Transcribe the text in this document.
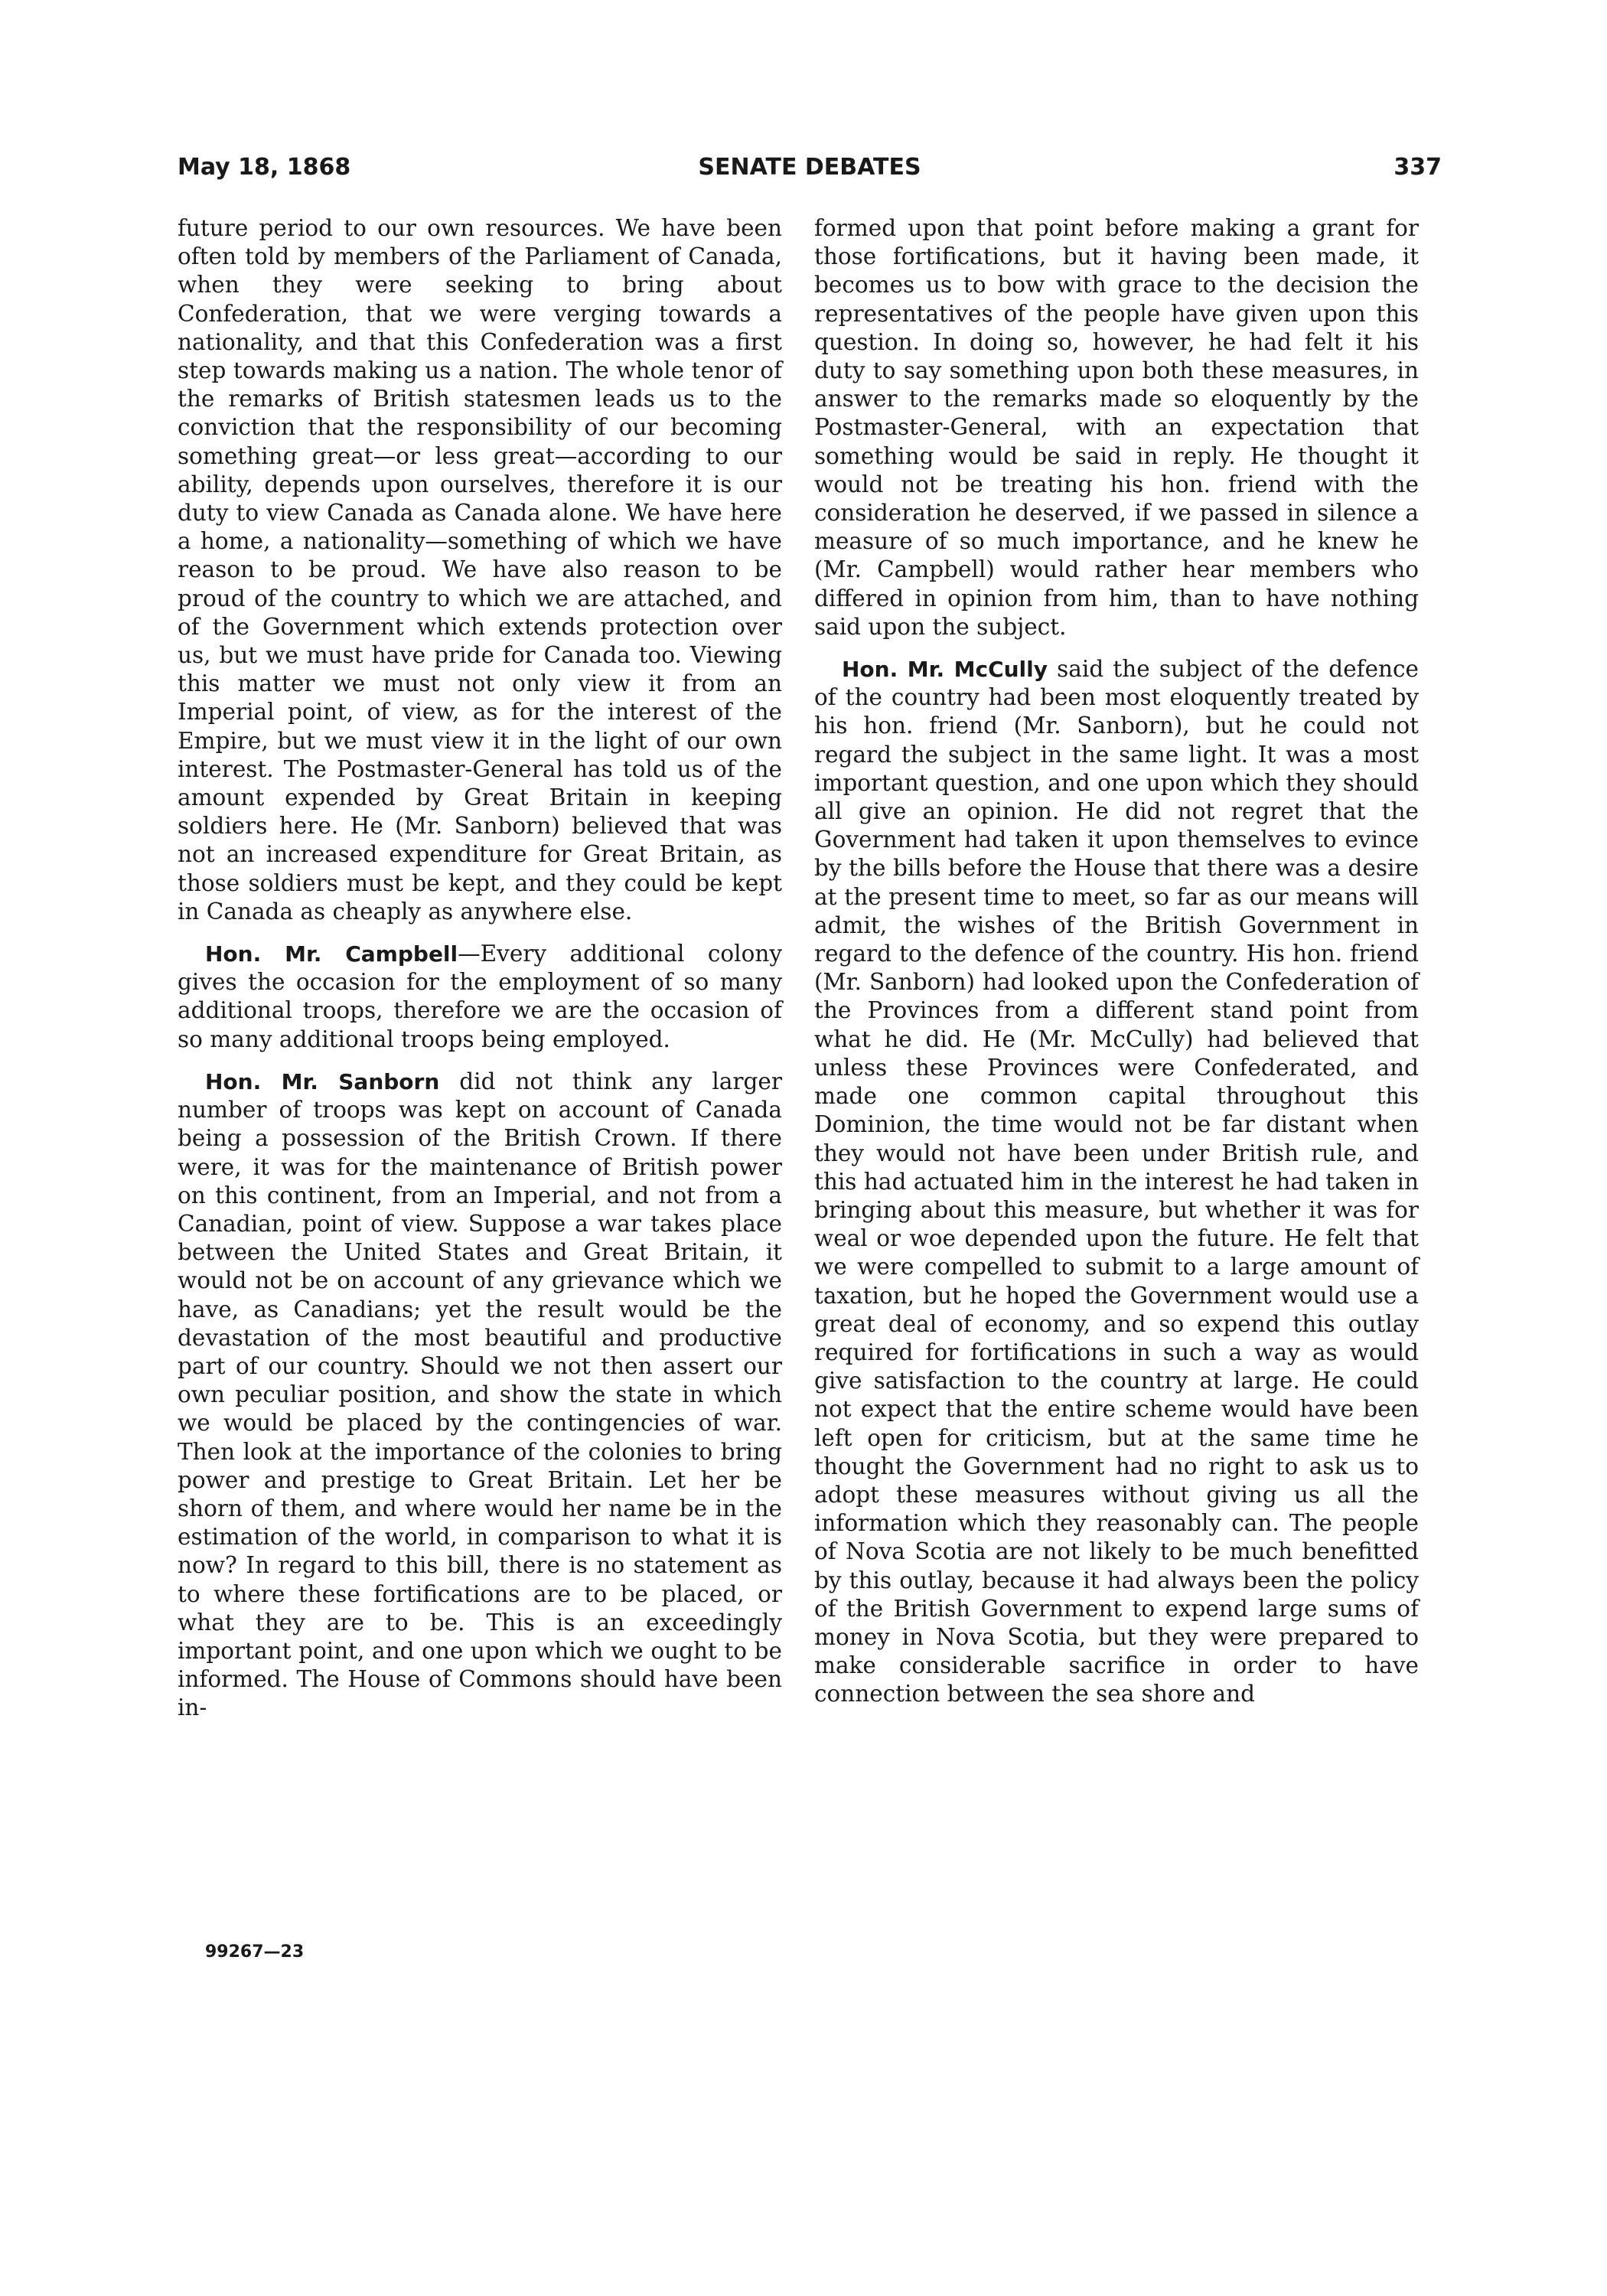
May 18, 1868	SENATE DEBATES	337

future period to our own resources. We have been often told by members of the Parliament of Canada, when they were seeking to bring about Confederation, that we were verging towards a nationality, and that this Confederation was a first step towards making us a nation. The whole tenor of the remarks of British statesmen leads us to the conviction that the responsibility of our becoming something great—or less great—according to our ability, depends upon ourselves, therefore it is our duty to view Canada as Canada alone. We have here a home, a nationality—something of which we have reason to be proud. We have also reason to be proud of the country to which we are attached, and of the Government which extends protection over us, but we must have pride for Canada too. Viewing this matter we must not only view it from an Imperial point, of view, as for the interest of the Empire, but we must view it in the light of our own interest. The Postmaster-General has told us of the amount expended by Great Britain in keeping soldiers here. He (Mr. Sanborn) believed that was not an increased expenditure for Great Britain, as those soldiers must be kept, and they could be kept in Canada as cheaply as anywhere else.

Hon. Mr. Campbell—Every additional colony gives the occasion for the employment of so many additional troops, therefore we are the occasion of so many additional troops being employed.

Hon. Mr. Sanborn did not think any larger number of troops was kept on account of Canada being a possession of the British Crown. If there were, it was for the maintenance of British power on this continent, from an Imperial, and not from a Canadian, point of view. Suppose a war takes place between the United States and Great Britain, it would not be on account of any grievance which we have, as Canadians; yet the result would be the devastation of the most beautiful and productive part of our country. Should we not then assert our own peculiar position, and show the state in which we would be placed by the contingencies of war. Then look at the importance of the colonies to bring power and prestige to Great Britain. Let her be shorn of them, and where would her name be in the estimation of the world, in comparison to what it is now? In regard to this bill, there is no statement as to where these fortifications are to be placed, or what they are to be. This is an exceedingly important point, and one upon which we ought to be informed. The House of Commons should have been in-

99267—23

formed upon that point before making a grant for those fortifications, but it having been made, it becomes us to bow with grace to the decision the representatives of the people have given upon this question. In doing so, however, he had felt it his duty to say something upon both these measures, in answer to the remarks made so eloquently by the Postmaster-General, with an expectation that something would be said in reply. He thought it would not be treating his hon. friend with the consideration he deserved, if we passed in silence a measure of so much importance, and he knew he (Mr. Campbell) would rather hear members who differed in opinion from him, than to have nothing said upon the subject.

Hon. Mr. McCully said the subject of the defence of the country had been most eloquently treated by his hon. friend (Mr. Sanborn), but he could not regard the subject in the same light. It was a most important question, and one upon which they should all give an opinion. He did not regret that the Government had taken it upon themselves to evince by the bills before the House that there was a desire at the present time to meet, so far as our means will admit, the wishes of the British Government in regard to the defence of the country. His hon. friend (Mr. Sanborn) had looked upon the Confederation of the Provinces from a different stand point from what he did. He (Mr. McCully) had believed that unless these Provinces were Confederated, and made one common capital throughout this Dominion, the time would not be far distant when they would not have been under British rule, and this had actuated him in the interest he had taken in bringing about this measure, but whether it was for weal or woe depended upon the future. He felt that we were compelled to submit to a large amount of taxation, but he hoped the Government would use a great deal of economy, and so expend this outlay required for fortifications in such a way as would give satisfaction to the country at large. He could not expect that the entire scheme would have been left open for criticism, but at the same time he thought the Government had no right to ask us to adopt these measures without giving us all the information which they reasonably can. The people of Nova Scotia are not likely to be much benefitted by this outlay, because it had always been the policy of the British Government to expend large sums of money in Nova Scotia, but they were prepared to make considerable sacrifice in order to have connection between the sea shore and
